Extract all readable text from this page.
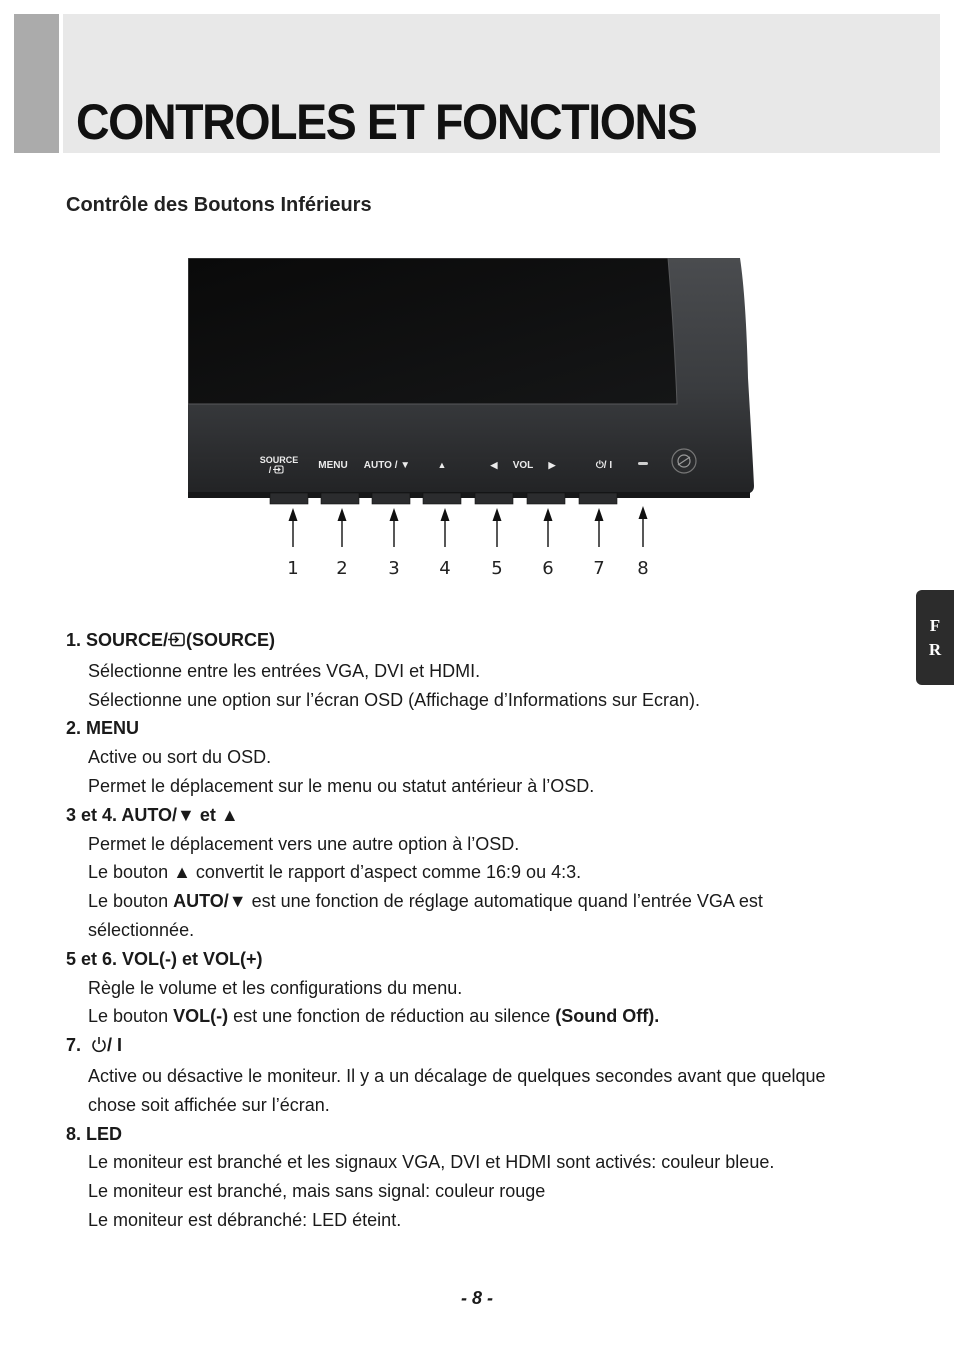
CONTROLES ET FONCTIONS
Contrôle des Boutons Inférieurs
SOURCE
/	MENU AUTO / ▼	▲	◀ VOL ▶	⏻/ I
1 2 3 4 5 6 7 8
F
R

1. SOURCE/ (SOURCE)

Sélectionne entre les entrées VGA, DVI et HDMI.

Sélectionne une option sur l’écran OSD (Affichage d’Informations sur Ecran).

2. MENU

Active ou sort du OSD.

Permet le déplacement sur le menu ou statut antérieur à l’OSD.

3 et 4. AUTO/▼ et ▲

Permet le déplacement vers une autre option à l’OSD.

Le bouton ▲ convertit le rapport d’aspect comme 16:9 ou 4:3.

Le bouton AUTO/▼ est une fonction de réglage automatique quand l’entrée VGA est

sélectionnée.

5 et 6. VOL(-) et VOL(+)

Règle le volume et les configurations du menu.

Le bouton VOL(-) est une fonction de réduction au silence (Sound Off).

7. / I

Active ou désactive le moniteur. Il y a un décalage de quelques secondes avant que quelque

chose soit affichée sur l’écran.

8. LED

Le moniteur est branché et les signaux VGA, DVI et HDMI sont activés: couleur bleue.

Le moniteur est branché, mais sans signal: couleur rouge

Le moniteur est débranché: LED éteint.

- 8 -
